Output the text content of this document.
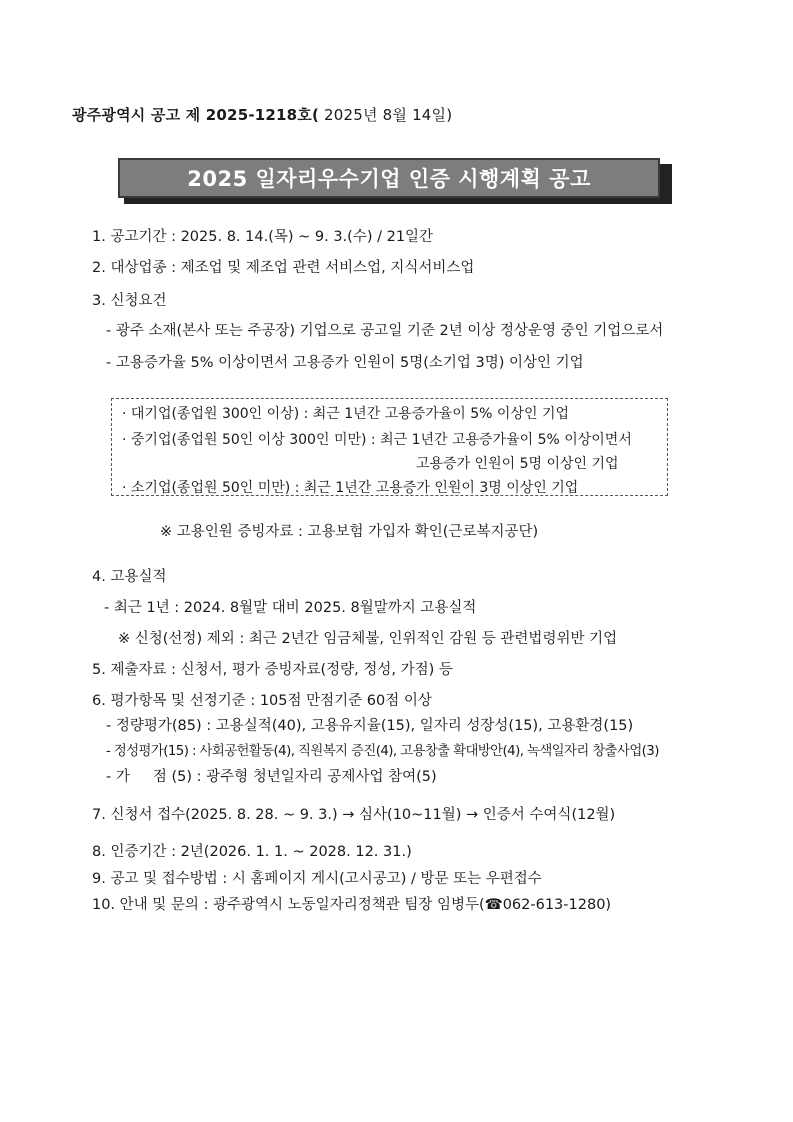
광주광역시 공고 제 2025-1218호( 2025년 8월 14일)
2025 일자리우수기업 인증 시행계획 공고
1. 공고기간 : 2025. 8. 14.(목) ~ 9. 3.(수) / 21일간
2. 대상업종 : 제조업 및 제조업 관련 서비스업, 지식서비스업
3. 신청요건
- 광주 소재(본사 또는 주공장) 기업으로 공고일 기준 2년 이상 정상운영 중인 기업으로서
- 고용증가율 5% 이상이면서 고용증가 인원이 5명(소기업 3명) 이상인 기업
· 대기업(종업원 300인 이상) : 최근 1년간 고용증가율이 5% 이상인 기업
· 중기업(종업원 50인 이상 300인 미만) : 최근 1년간 고용증가율이 5% 이상이면서
고용증가 인원이 5명 이상인 기업
· 소기업(종업원 50인 미만) : 최근 1년간 고용증가 인원이 3명 이상인 기업
※ 고용인원 증빙자료 : 고용보험 가입자 확인(근로복지공단)
4. 고용실적
- 최근 1년 : 2024. 8월말 대비 2025. 8월말까지 고용실적
※ 신청(선정) 제외 : 최근 2년간 임금체불, 인위적인 감원 등 관련법령위반 기업
5. 제출자료 : 신청서, 평가 증빙자료(정량, 정성, 가점) 등
6. 평가항목 및 선정기준 : 105점 만점기준 60점 이상
- 정량평가(85) : 고용실적(40), 고용유지율(15), 일자리 성장성(15), 고용환경(15)
- 정성평가(15) : 사회공헌활동(4), 직원복지 증진(4), 고용창출 확대방안(4), 녹색일자리 창출사업(3)
- 가     점 (5) : 광주형 청년일자리 공제사업 참여(5)
7. 신청서 접수(2025. 8. 28. ~ 9. 3.) → 심사(10~11월) → 인증서 수여식(12월)
8. 인증기간 : 2년(2026. 1. 1. ~ 2028. 12. 31.)
9. 공고 및 접수방법 : 시 홈페이지 게시(고시공고) / 방문 또는 우편접수
10. 안내 및 문의 : 광주광역시 노동일자리정책관 팀장 임병두(☎062-613-1280)
